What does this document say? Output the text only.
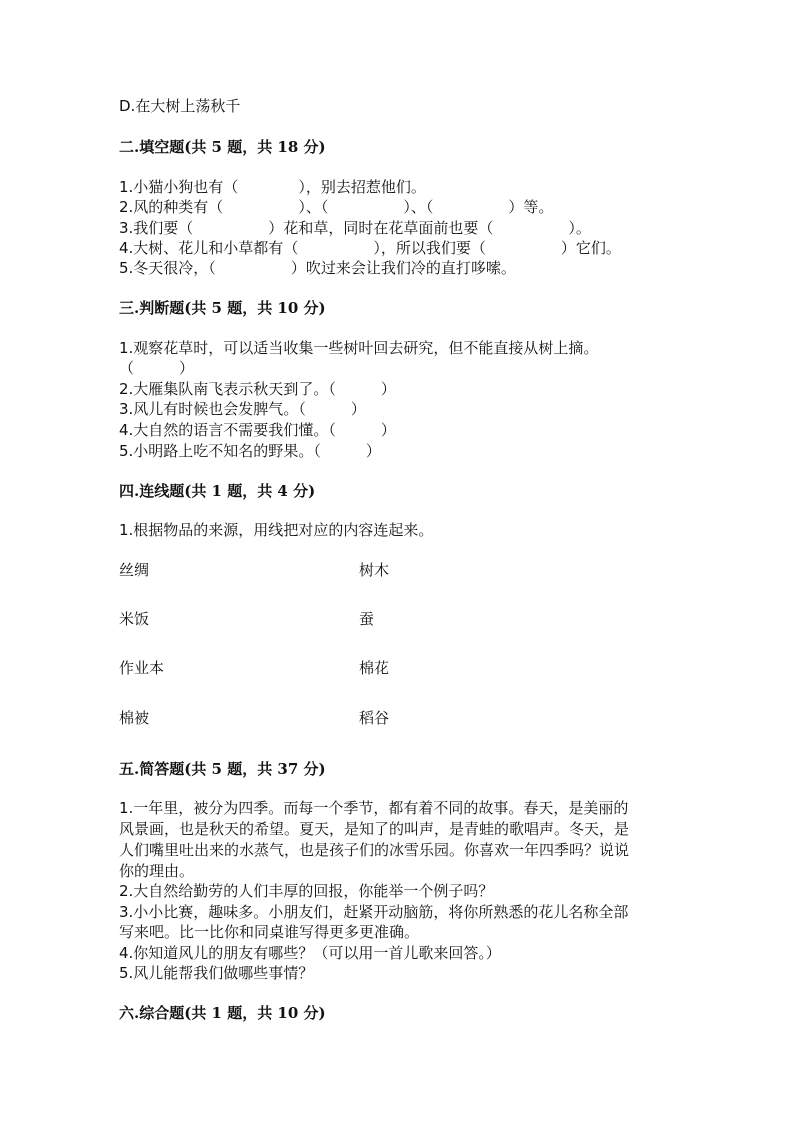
D.在大树上荡秋千
二.填空题(共 5 题，共 18 分)
1.小猫小狗也有（　　　　），别去招惹他们。
2.风的种类有（　　　　　）、（　　　　　）、（　　　　　）等。
3.我们要（　　　　　）花和草，同时在花草面前也要（　　　　　）。
4.大树、花儿和小草都有（　　　　　），所以我们要（　　　　　）它们。
5.冬天很冷，（　　　　　）吹过来会让我们冷的直打哆嗦。
三.判断题(共 5 题，共 10 分)
1.观察花草时，可以适当收集一些树叶回去研究，但不能直接从树上摘。
（　　　）
2.大雁集队南飞表示秋天到了。（　　　）
3.风儿有时候也会发脾气。（　　　）
4.大自然的语言不需要我们懂。（　　　）
5.小明路上吃不知名的野果。（　　　）
四.连线题(共 1 题，共 4 分)
1.根据物品的来源，用线把对应的内容连起来。
丝绸	树木
米饭	蚕
作业本	棉花
棉被	稻谷
五.简答题(共 5 题，共 37 分)
1.一年里，被分为四季。而每一个季节，都有着不同的故事。春天，是美丽的
风景画，也是秋天的希望。夏天，是知了的叫声，是青蛙的歌唱声。冬天，是
人们嘴里吐出来的水蒸气，也是孩子们的冰雪乐园。你喜欢一年四季吗？说说
你的理由。
2.大自然给勤劳的人们丰厚的回报，你能举一个例子吗？
3.小小比赛，趣味多。小朋友们，赶紧开动脑筋，将你所熟悉的花儿名称全部
写来吧。比一比你和同桌谁写得更多更准确。
4.你知道风儿的朋友有哪些？（可以用一首儿歌来回答。）
5.风儿能帮我们做哪些事情？
六.综合题(共 1 题，共 10 分)
